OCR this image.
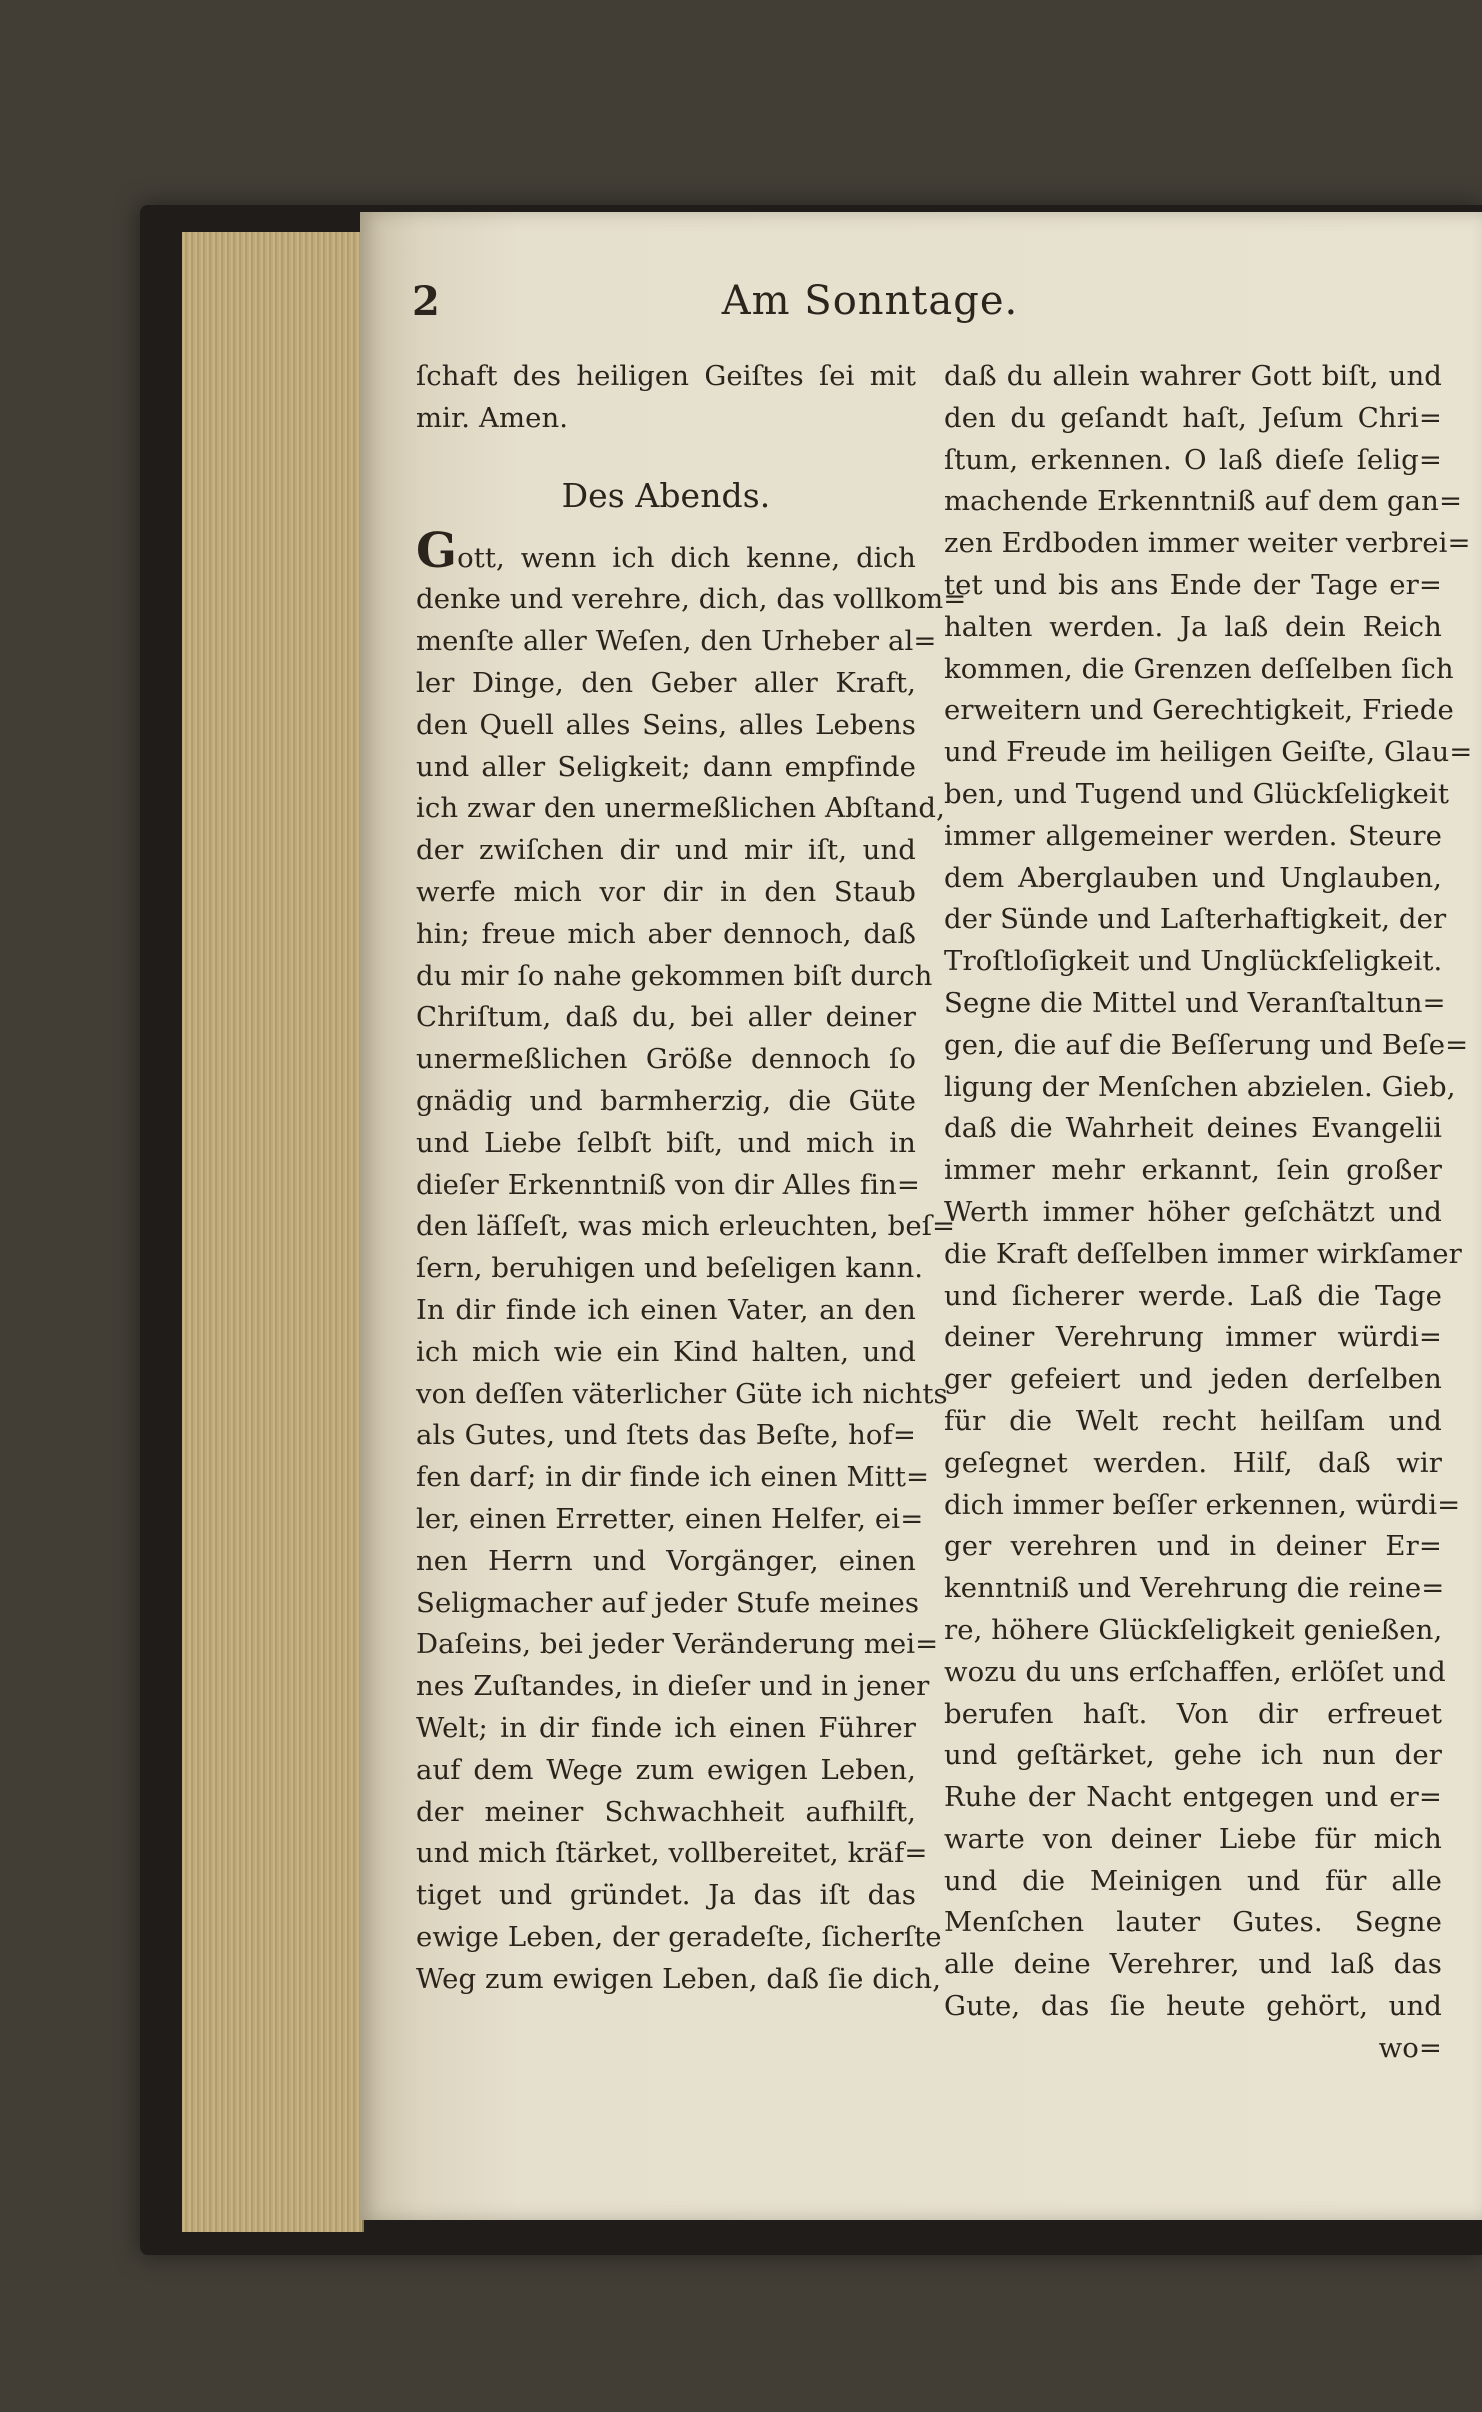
2	Am Sonntage.
ſchaft des heiligen Geiſtes ſei mit
mir. Amen.
Des Abends.
Gott, wenn ich dich kenne, dich
denke und verehre, dich, das vollkom=
menſte aller Weſen, den Urheber al=
ler Dinge, den Geber aller Kraft,
den Quell alles Seins, alles Lebens
und aller Seligkeit; dann empfinde
ich zwar den unermeßlichen Abſtand,
der zwiſchen dir und mir iſt, und
werfe mich vor dir in den Staub
hin; freue mich aber dennoch, daß
du mir ſo nahe gekommen biſt durch
Chriſtum, daß du, bei aller deiner
unermeßlichen Größe dennoch ſo
gnädig und barmherzig, die Güte
und Liebe ſelbſt biſt, und mich in
dieſer Erkenntniß von dir Alles fin=
den läſſeſt, was mich erleuchten, beſ=
ſern, beruhigen und beſeligen kann.
In dir finde ich einen Vater, an den
ich mich wie ein Kind halten, und
von deſſen väterlicher Güte ich nichts
als Gutes, und ſtets das Beſte, hof=
fen darf; in dir finde ich einen Mitt=
ler, einen Erretter, einen Helfer, ei=
nen Herrn und Vorgänger, einen
Seligmacher auf jeder Stufe meines
Daſeins, bei jeder Veränderung mei=
nes Zuſtandes, in dieſer und in jener
Welt; in dir finde ich einen Führer
auf dem Wege zum ewigen Leben,
der meiner Schwachheit aufhilft,
und mich ſtärket, vollbereitet, kräf=
tiget und gründet. Ja das iſt das
ewige Leben, der geradeſte, ſicherſte
Weg zum ewigen Leben, daß ſie dich,
daß du allein wahrer Gott biſt, und
den du geſandt haſt, Jeſum Chri=
ſtum, erkennen. O laß dieſe ſelig=
machende Erkenntniß auf dem gan=
zen Erdboden immer weiter verbrei=
tet und bis ans Ende der Tage er=
halten werden. Ja laß dein Reich
kommen, die Grenzen deſſelben ſich
erweitern und Gerechtigkeit, Friede
und Freude im heiligen Geiſte, Glau=
ben, und Tugend und Glückſeligkeit
immer allgemeiner werden. Steure
dem Aberglauben und Unglauben,
der Sünde und Laſterhaftigkeit, der
Troſtloſigkeit und Unglückſeligkeit.
Segne die Mittel und Veranſtaltun=
gen, die auf die Beſſerung und Beſe=
ligung der Menſchen abzielen. Gieb,
daß die Wahrheit deines Evangelii
immer mehr erkannt, ſein großer
Werth immer höher geſchätzt und
die Kraft deſſelben immer wirkſamer
und ſicherer werde. Laß die Tage
deiner Verehrung immer würdi=
ger gefeiert und jeden derſelben
für die Welt recht heilſam und
geſegnet werden. Hilf, daß wir
dich immer beſſer erkennen, würdi=
ger verehren und in deiner Er=
kenntniß und Verehrung die reine=
re, höhere Glückſeligkeit genießen,
wozu du uns erſchaffen, erlöſet und
berufen haſt. Von dir erfreuet
und geſtärket, gehe ich nun der
Ruhe der Nacht entgegen und er=
warte von deiner Liebe für mich
und die Meinigen und für alle
Menſchen lauter Gutes. Segne
alle deine Verehrer, und laß das
Gute, das ſie heute gehört, und
wo=
